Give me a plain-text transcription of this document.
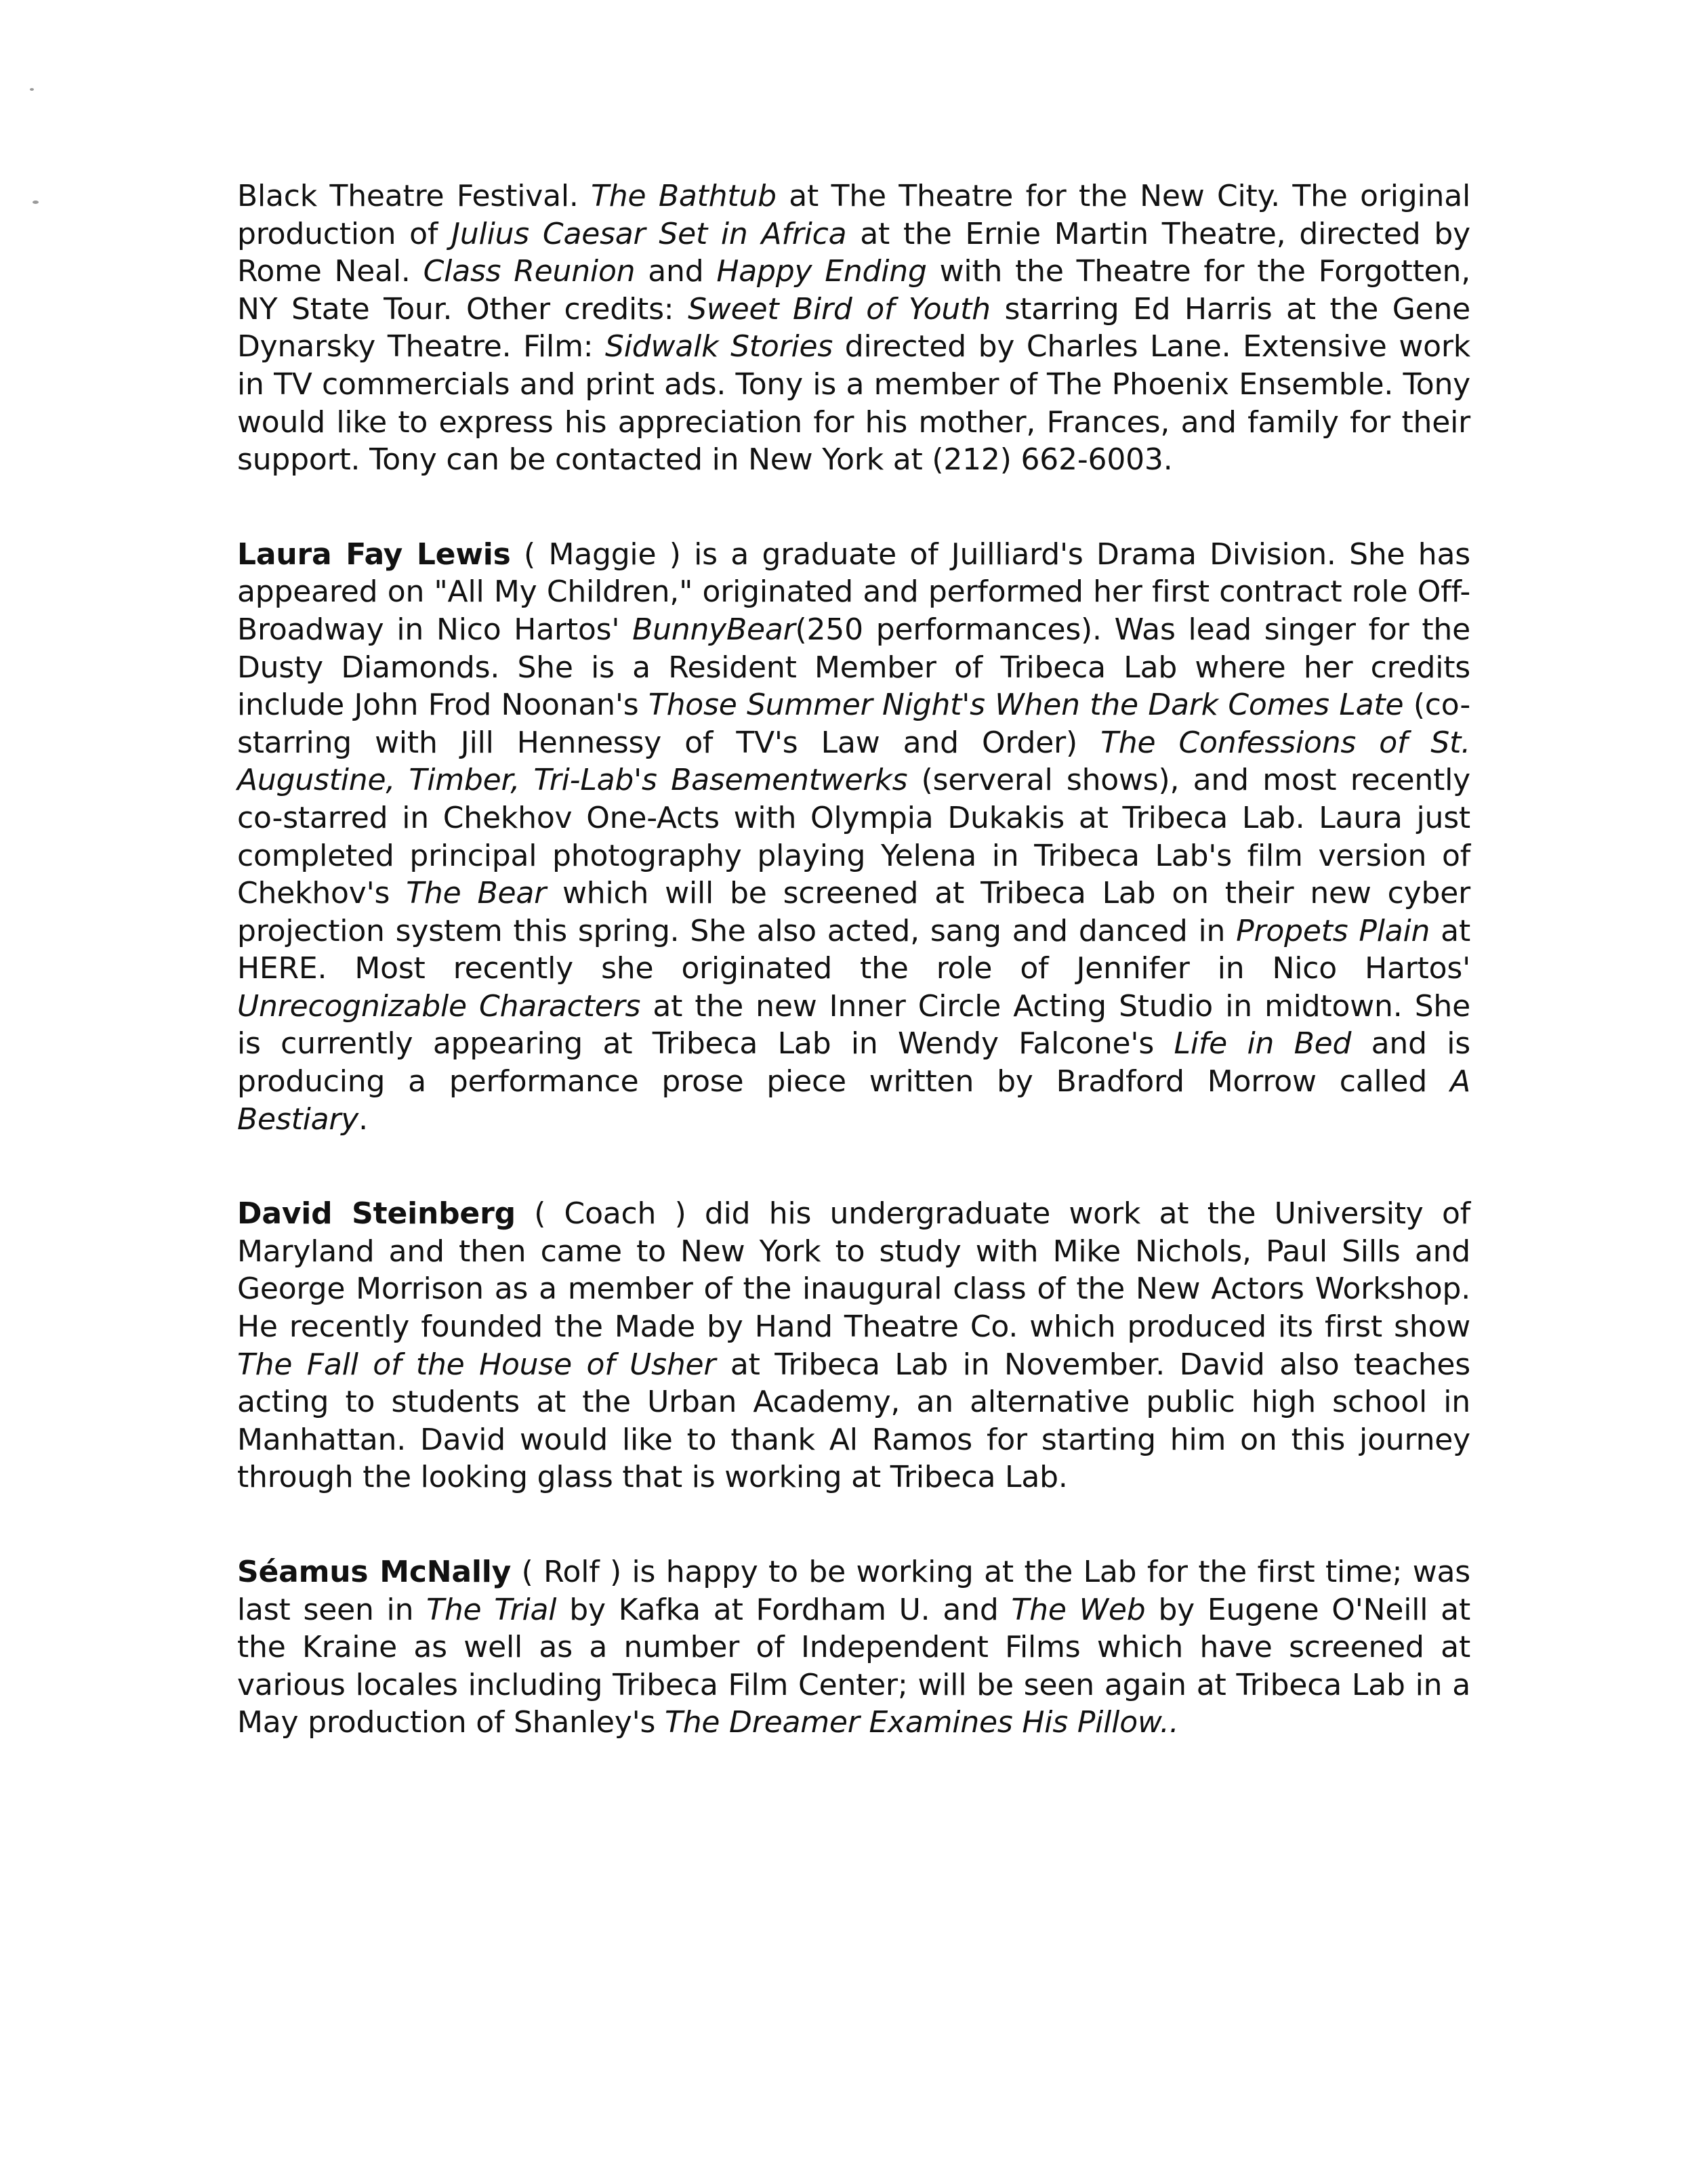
Black Theatre Festival. The Bathtub at The Theatre for the New City. The original production of Julius Caesar Set in Africa at the Ernie Martin Theatre, directed by Rome Neal. Class Reunion and Happy Ending with the Theatre for the Forgotten, NY State Tour. Other credits: Sweet Bird of Youth starring Ed Harris at the Gene Dynarsky Theatre. Film: Sidwalk Stories directed by Charles Lane. Extensive work in TV commercials and print ads. Tony is a member of The Phoenix Ensemble. Tony would like to express his appreciation for his mother, Frances, and family for their support. Tony can be contacted in New York at (212) 662-6003.

Laura Fay Lewis ( Maggie ) is a graduate of Juilliard's Drama Division. She has appeared on "All My Children," originated and performed her first contract role Off-Broadway in Nico Hartos' BunnyBear(250 performances). Was lead singer for the Dusty Diamonds. She is a Resident Member of Tribeca Lab where her credits include John Frod Noonan's Those Summer Night's When the Dark Comes Late (co-starring with Jill Hennessy of TV's Law and Order) The Confessions of St. Augustine, Timber, Tri-Lab's Basementwerks (serveral shows), and most recently co-starred in Chekhov One-Acts with Olympia Dukakis at Tribeca Lab. Laura just completed principal photography playing Yelena in Tribeca Lab's film version of Chekhov's The Bear which will be screened at Tribeca Lab on their new cyber projection system this spring. She also acted, sang and danced in Propets Plain at HERE. Most recently she originated the role of Jennifer in Nico Hartos' Unrecognizable Characters at the new Inner Circle Acting Studio in midtown. She is currently appearing at Tribeca Lab in Wendy Falcone's Life in Bed and is producing a performance prose piece written by Bradford Morrow called A Bestiary.

David Steinberg ( Coach ) did his undergraduate work at the University of Maryland and then came to New York to study with Mike Nichols, Paul Sills and George Morrison as a member of the inaugural class of the New Actors Workshop. He recently founded the Made by Hand Theatre Co. which produced its first show The Fall of the House of Usher at Tribeca Lab in November. David also teaches acting to students at the Urban Academy, an alternative public high school in Manhattan. David would like to thank Al Ramos for starting him on this journey through the looking glass that is working at Tribeca Lab.

Séamus McNally ( Rolf ) is happy to be working at the Lab for the first time; was last seen in The Trial by Kafka at Fordham U. and The Web by Eugene O'Neill at the Kraine as well as a number of Independent Films which have screened at various locales including Tribeca Film Center; will be seen again at Tribeca Lab in a May production of Shanley's The Dreamer Examines His Pillow..
